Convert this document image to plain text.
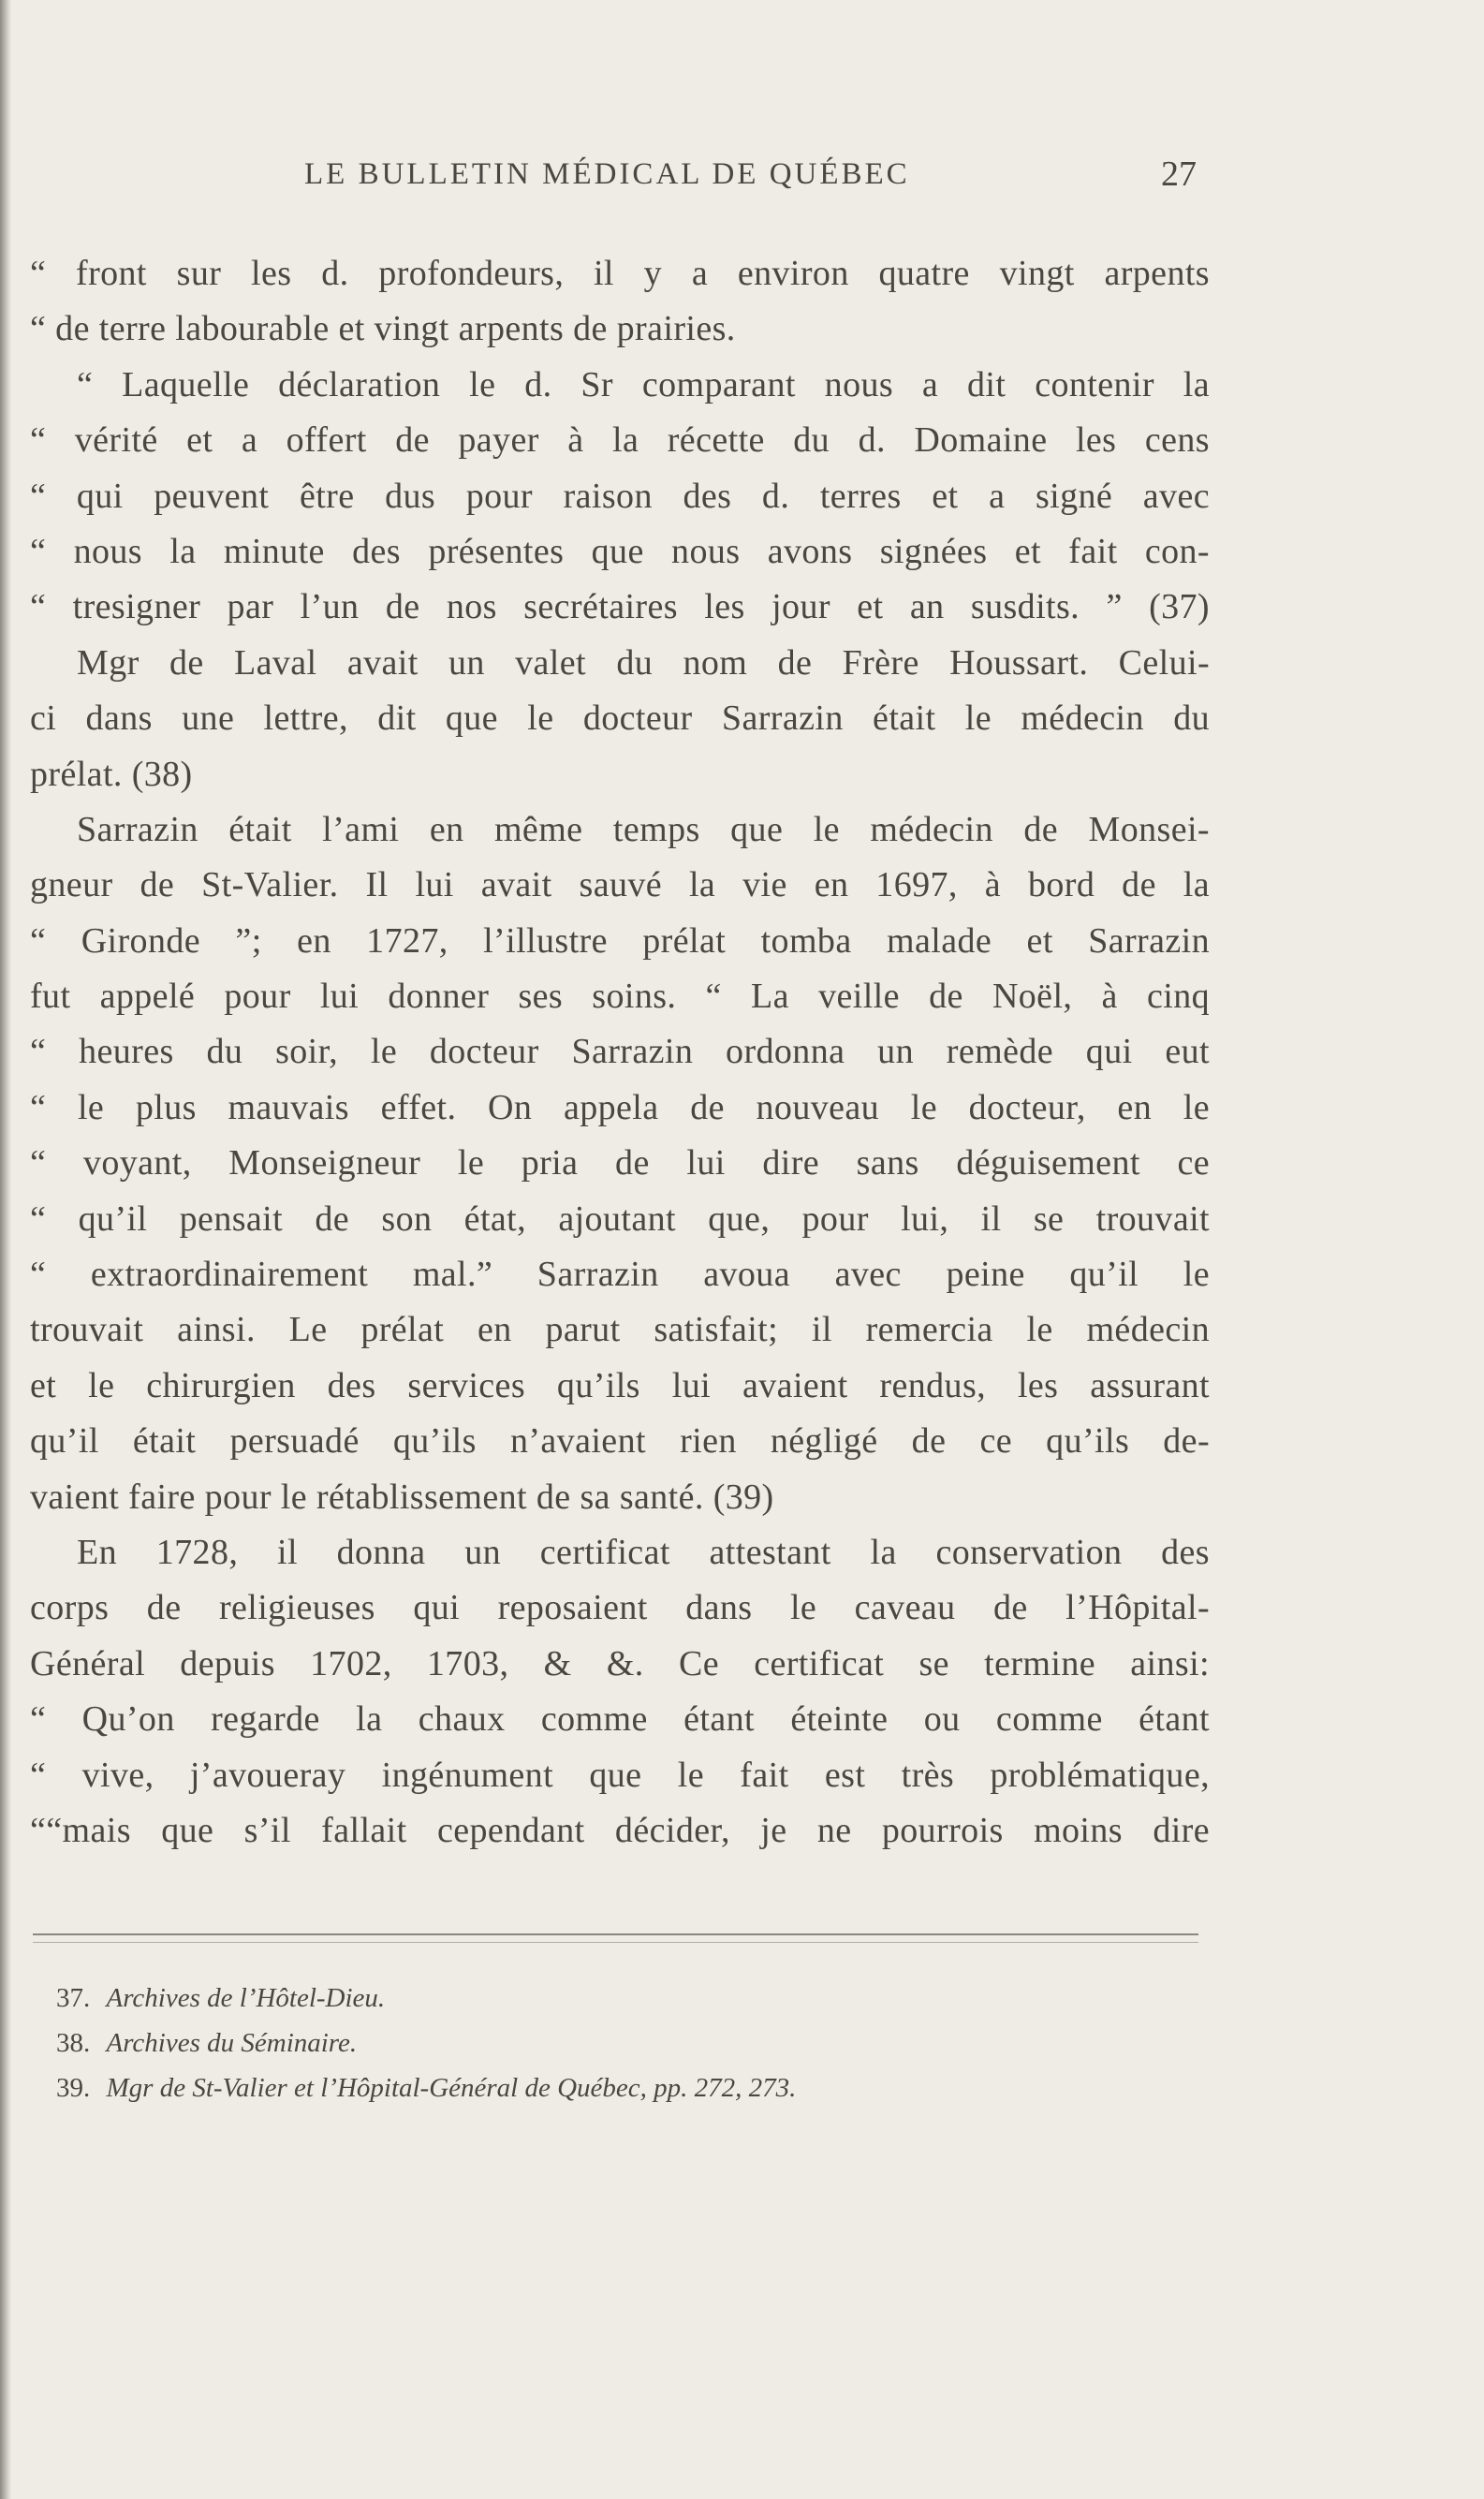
LE BULLETIN MÉDICAL DE QUÉBEC	27
“ front sur les d. profondeurs, il y a environ quatre vingt arpents
“ de terre labourable et vingt arpents de prairies.
“ Laquelle déclaration le d. Sr comparant nous a dit contenir la
“ vérité et a offert de payer à la récette du d. Domaine les cens
“ qui peuvent être dus pour raison des d. terres et a signé avec
“ nous la minute des présentes que nous avons signées et fait con-
“ tresigner par l’un de nos secrétaires les jour et an susdits. ” (37)
Mgr de Laval avait un valet du nom de Frère Houssart. Celui-
ci dans une lettre, dit que le docteur Sarrazin était le médecin du
prélat. (38)
Sarrazin était l’ami en même temps que le médecin de Monsei-
gneur de St-Valier. Il lui avait sauvé la vie en 1697, à bord de la
“ Gironde ”; en 1727, l’illustre prélat tomba malade et Sarrazin
fut appelé pour lui donner ses soins. “ La veille de Noël, à cinq
“ heures du soir, le docteur Sarrazin ordonna un remède qui eut
“ le plus mauvais effet. On appela de nouveau le docteur, en le
“ voyant, Monseigneur le pria de lui dire sans déguisement ce
“ qu’il pensait de son état, ajoutant que, pour lui, il se trouvait
“ extraordinairement mal.” Sarrazin avoua avec peine qu’il le
trouvait ainsi. Le prélat en parut satisfait; il remercia le médecin
et le chirurgien des services qu’ils lui avaient rendus, les assurant
qu’il était persuadé qu’ils n’avaient rien négligé de ce qu’ils de-
vaient faire pour le rétablissement de sa santé. (39)
En 1728, il donna un certificat attestant la conservation des
corps de religieuses qui reposaient dans le caveau de l’Hôpital-
Général depuis 1702, 1703, & &. Ce certificat se termine ainsi:
“ Qu’on regarde la chaux comme étant éteinte ou comme étant
“ vive, j’avoueray ingénument que le fait est très problématique,
““mais que s’il fallait cependant décider, je ne pourrois moins dire
37. Archives de l’Hôtel-Dieu.
38. Archives du Séminaire.
39. Mgr de St-Valier et l’Hôpital-Général de Québec, pp. 272, 273.
